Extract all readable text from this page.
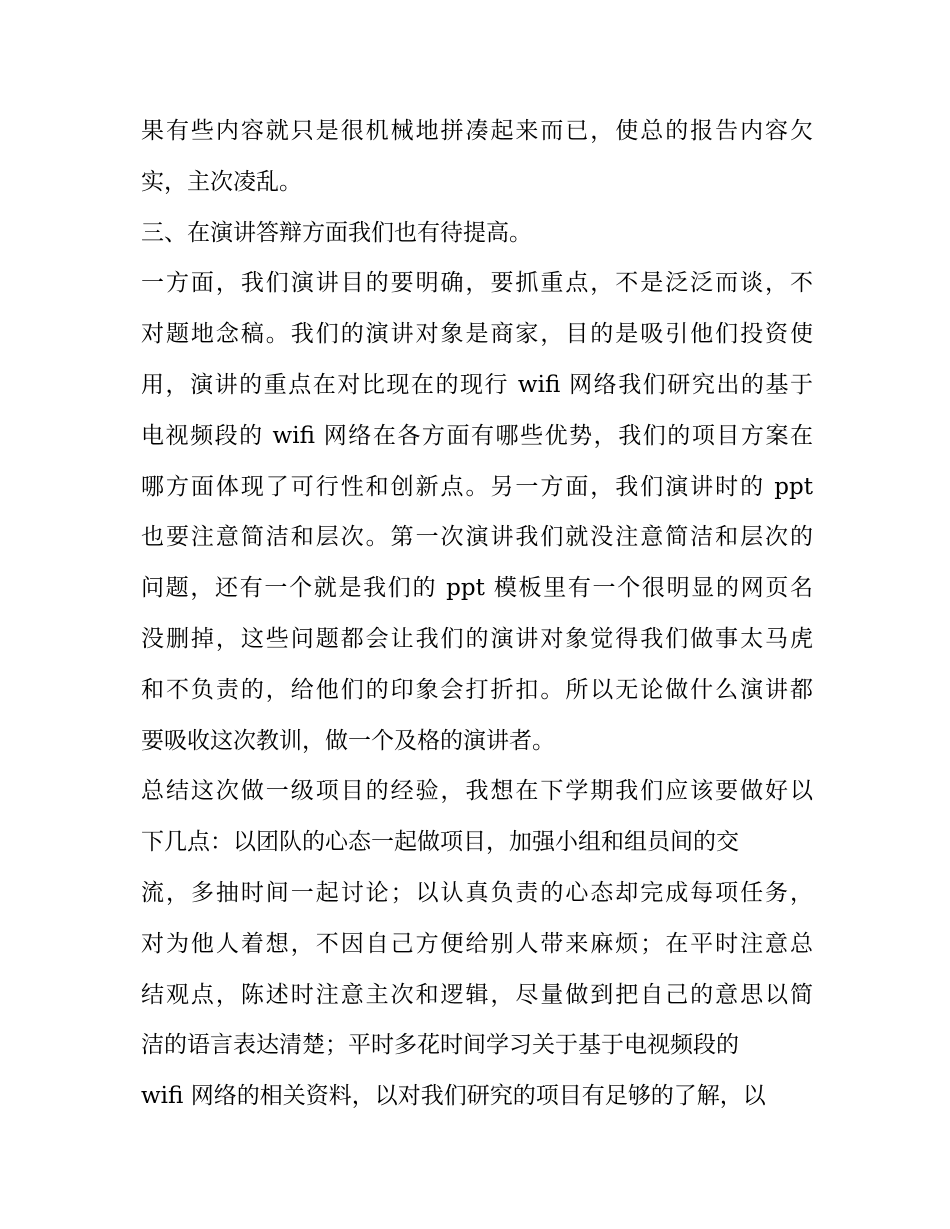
果有些内容就只是很机械地拼凑起来而已，使总的报告内容欠
实，主次凌乱。
三、在演讲答辩方面我们也有待提高。
一方面，我们演讲目的要明确，要抓重点，不是泛泛而谈，不
对题地念稿。我们的演讲对象是商家，目的是吸引他们投资使
用，演讲的重点在对比现在的现行 wifi 网络我们研究出的基于
电视频段的 wifi 网络在各方面有哪些优势，我们的项目方案在
哪方面体现了可行性和创新点。另一方面，我们演讲时的 ppt
也要注意简洁和层次。第一次演讲我们就没注意简洁和层次的
问题，还有一个就是我们的 ppt 模板里有一个很明显的网页名
没删掉，这些问题都会让我们的演讲对象觉得我们做事太马虎
和不负责的，给他们的印象会打折扣。所以无论做什么演讲都
要吸收这次教训，做一个及格的演讲者。
总结这次做一级项目的经验，我想在下学期我们应该要做好以
下几点：以团队的心态一起做项目，加强小组和组员间的交
流，多抽时间一起讨论；以认真负责的心态却完成每项任务，
对为他人着想，不因自己方便给别人带来麻烦；在平时注意总
结观点，陈述时注意主次和逻辑，尽量做到把自己的意思以简
洁的语言表达清楚；平时多花时间学习关于基于电视频段的
wifi 网络的相关资料，以对我们研究的项目有足够的了解，以
